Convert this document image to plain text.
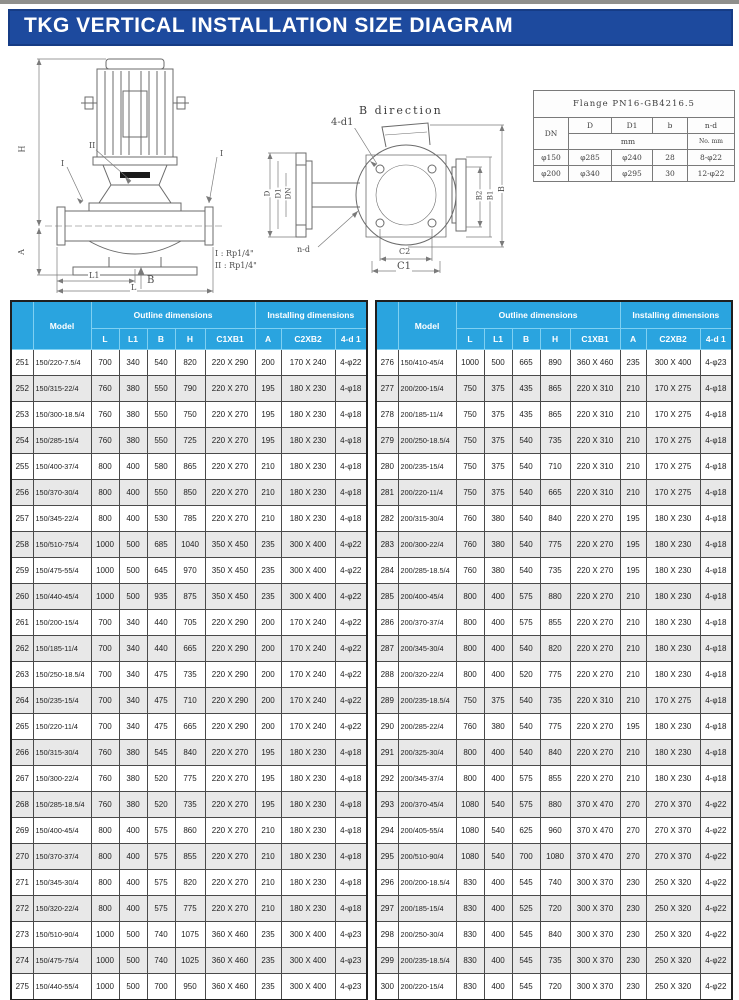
TKG VERTICAL INSTALLATION SIZE DIAGRAM
H
A
II
I
I
L1
L
B
B direction
4-d1
D D1 DN
n-d
B2 B1
B
C2
C1
I : Rp1/4"
II : Rp1/4"
Flange PN16-GB4216.5				
DN	D	D1	b	n-d
	mm			No. mm
φ150	φ285	φ240	28	8-φ22
φ200	φ340	φ295	30	12-φ22
	Model	Outline dimensions					Installing dimensions		
		L	L1	B	H	C1XB1	A	C2XB2	4-d 1
251	150/220-7.5/4	700	340	540	820	220 X 290	200	170 X 240	4-φ22
252	150/315-22/4	760	380	550	790	220 X 270	195	180 X 230	4-φ18
253	150/300-18.5/4	760	380	550	750	220 X 270	195	180 X 230	4-φ18
254	150/285-15/4	760	380	550	725	220 X 270	195	180 X 230	4-φ18
255	150/400-37/4	800	400	580	865	220 X 270	210	180 X 230	4-φ18
256	150/370-30/4	800	400	550	850	220 X 270	210	180 X 230	4-φ18
257	150/345-22/4	800	400	530	785	220 X 270	210	180 X 230	4-φ18
258	150/510-75/4	1000	500	685	1040	350 X 450	235	300 X 400	4-φ22
259	150/475-55/4	1000	500	645	970	350 X 450	235	300 X 400	4-φ22
260	150/440-45/4	1000	500	935	875	350 X 450	235	300 X 400	4-φ22
261	150/200-15/4	700	340	440	705	220 X 290	200	170 X 240	4-φ22
262	150/185-11/4	700	340	440	665	220 X 290	200	170 X 240	4-φ22
263	150/250-18.5/4	700	340	475	735	220 X 290	200	170 X 240	4-φ22
264	150/235-15/4	700	340	475	710	220 X 290	200	170 X 240	4-φ22
265	150/220-11/4	700	340	475	665	220 X 290	200	170 X 240	4-φ22
266	150/315-30/4	760	380	545	840	220 X 270	195	180 X 230	4-φ18
267	150/300-22/4	760	380	520	775	220 X 270	195	180 X 230	4-φ18
268	150/285-18.5/4	760	380	520	735	220 X 270	195	180 X 230	4-φ18
269	150/400-45/4	800	400	575	860	220 X 270	210	180 X 230	4-φ18
270	150/370-37/4	800	400	575	855	220 X 270	210	180 X 230	4-φ18
271	150/345-30/4	800	400	575	820	220 X 270	210	180 X 230	4-φ18
272	150/320-22/4	800	400	575	775	220 X 270	210	180 X 230	4-φ18
273	150/510-90/4	1000	500	740	1075	360 X 460	235	300 X 400	4-φ23
274	150/475-75/4	1000	500	740	1025	360 X 460	235	300 X 400	4-φ23
275	150/440-55/4	1000	500	700	950	360 X 460	235	300 X 400	4-φ23
	Model	Outline dimensions					Installing dimensions		
		L	L1	B	H	C1XB1	A	C2XB2	4-d 1
276	150/410-45/4	1000	500	665	890	360 X 460	235	300 X 400	4-φ23
277	200/200-15/4	750	375	435	865	220 X 310	210	170 X 275	4-φ18
278	200/185-11/4	750	375	435	865	220 X 310	210	170 X 275	4-φ18
279	200/250-18.5/4	750	375	540	735	220 X 310	210	170 X 275	4-φ18
280	200/235-15/4	750	375	540	710	220 X 310	210	170 X 275	4-φ18
281	200/220-11/4	750	375	540	665	220 X 310	210	170 X 275	4-φ18
282	200/315-30/4	760	380	540	840	220 X 270	195	180 X 230	4-φ18
283	200/300-22/4	760	380	540	775	220 X 270	195	180 X 230	4-φ18
284	200/285-18.5/4	760	380	540	735	220 X 270	195	180 X 230	4-φ18
285	200/400-45/4	800	400	575	880	220 X 270	210	180 X 230	4-φ18
286	200/370-37/4	800	400	575	855	220 X 270	210	180 X 230	4-φ18
287	200/345-30/4	800	400	540	820	220 X 270	210	180 X 230	4-φ18
288	200/320-22/4	800	400	520	775	220 X 270	210	180 X 230	4-φ18
289	200/235-18.5/4	750	375	540	735	220 X 310	210	170 X 275	4-φ18
290	200/285-22/4	760	380	540	775	220 X 270	195	180 X 230	4-φ18
291	200/325-30/4	800	400	540	840	220 X 270	210	180 X 230	4-φ18
292	200/345-37/4	800	400	575	855	220 X 270	210	180 X 230	4-φ18
293	200/370-45/4	1080	540	575	880	370 X 470	270	270 X 370	4-φ22
294	200/405-55/4	1080	540	625	960	370 X 470	270	270 X 370	4-φ22
295	200/510-90/4	1080	540	700	1080	370 X 470	270	270 X 370	4-φ22
296	200/200-18.5/4	830	400	545	740	300 X 370	230	250 X 320	4-φ22
297	200/185-15/4	830	400	525	720	300 X 370	230	250 X 320	4-φ22
298	200/250-30/4	830	400	545	840	300 X 370	230	250 X 320	4-φ22
299	200/235-18.5/4	830	400	545	735	300 X 370	230	250 X 320	4-φ22
300	200/220-15/4	830	400	545	720	300 X 370	230	250 X 320	4-φ22
